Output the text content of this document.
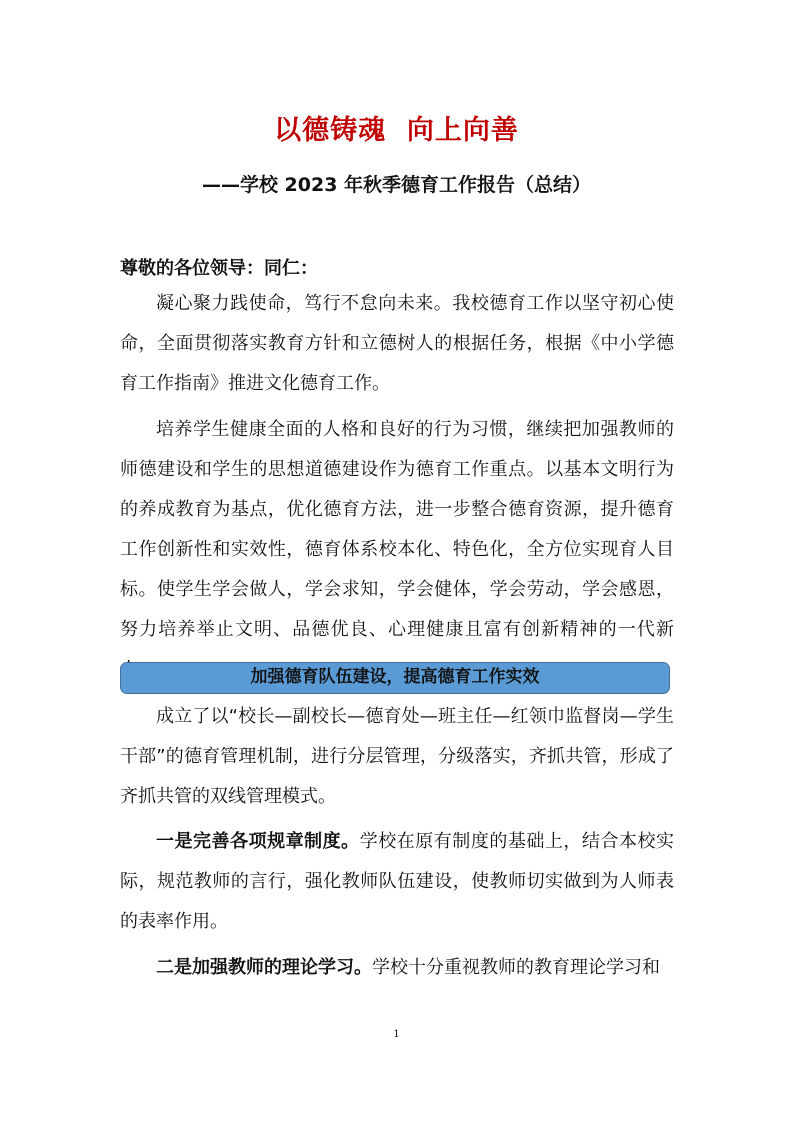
以德铸魂  向上向善
——学校 2023 年秋季德育工作报告（总结）
尊敬的各位领导：同仁：

凝心聚力践使命，笃行不怠向未来。我校德育工作以坚守初心使命，全面贯彻落实教育方针和立德树人的根据任务，根据《中小学德育工作指南》推进文化德育工作。

培养学生健康全面的人格和良好的行为习惯，继续把加强教师的师德建设和学生的思想道德建设作为德育工作重点。以基本文明行为的养成教育为基点，优化德育方法，进一步整合德育资源，提升德育工作创新性和实效性，德育体系校本化、特色化，全方位实现育人目标。使学生学会做人，学会求知，学会健体，学会劳动，学会感恩，努力培养举止文明、品德优良、心理健康且富有创新精神的一代新

加强德育队伍建设，提高德育工作实效

成立了以“校长—副校长—德育处—班主任—红领巾监督岗—学生干部”的德育管理机制，进行分层管理，分级落实，齐抓共管，形成了齐抓共管的双线管理模式。

一是完善各项规章制度。学校在原有制度的基础上，结合本校实际，规范教师的言行，强化教师队伍建设，使教师切实做到为人师表的表率作用。

二是加强教师的理论学习。学校十分重视教师的教育理论学习和

1
